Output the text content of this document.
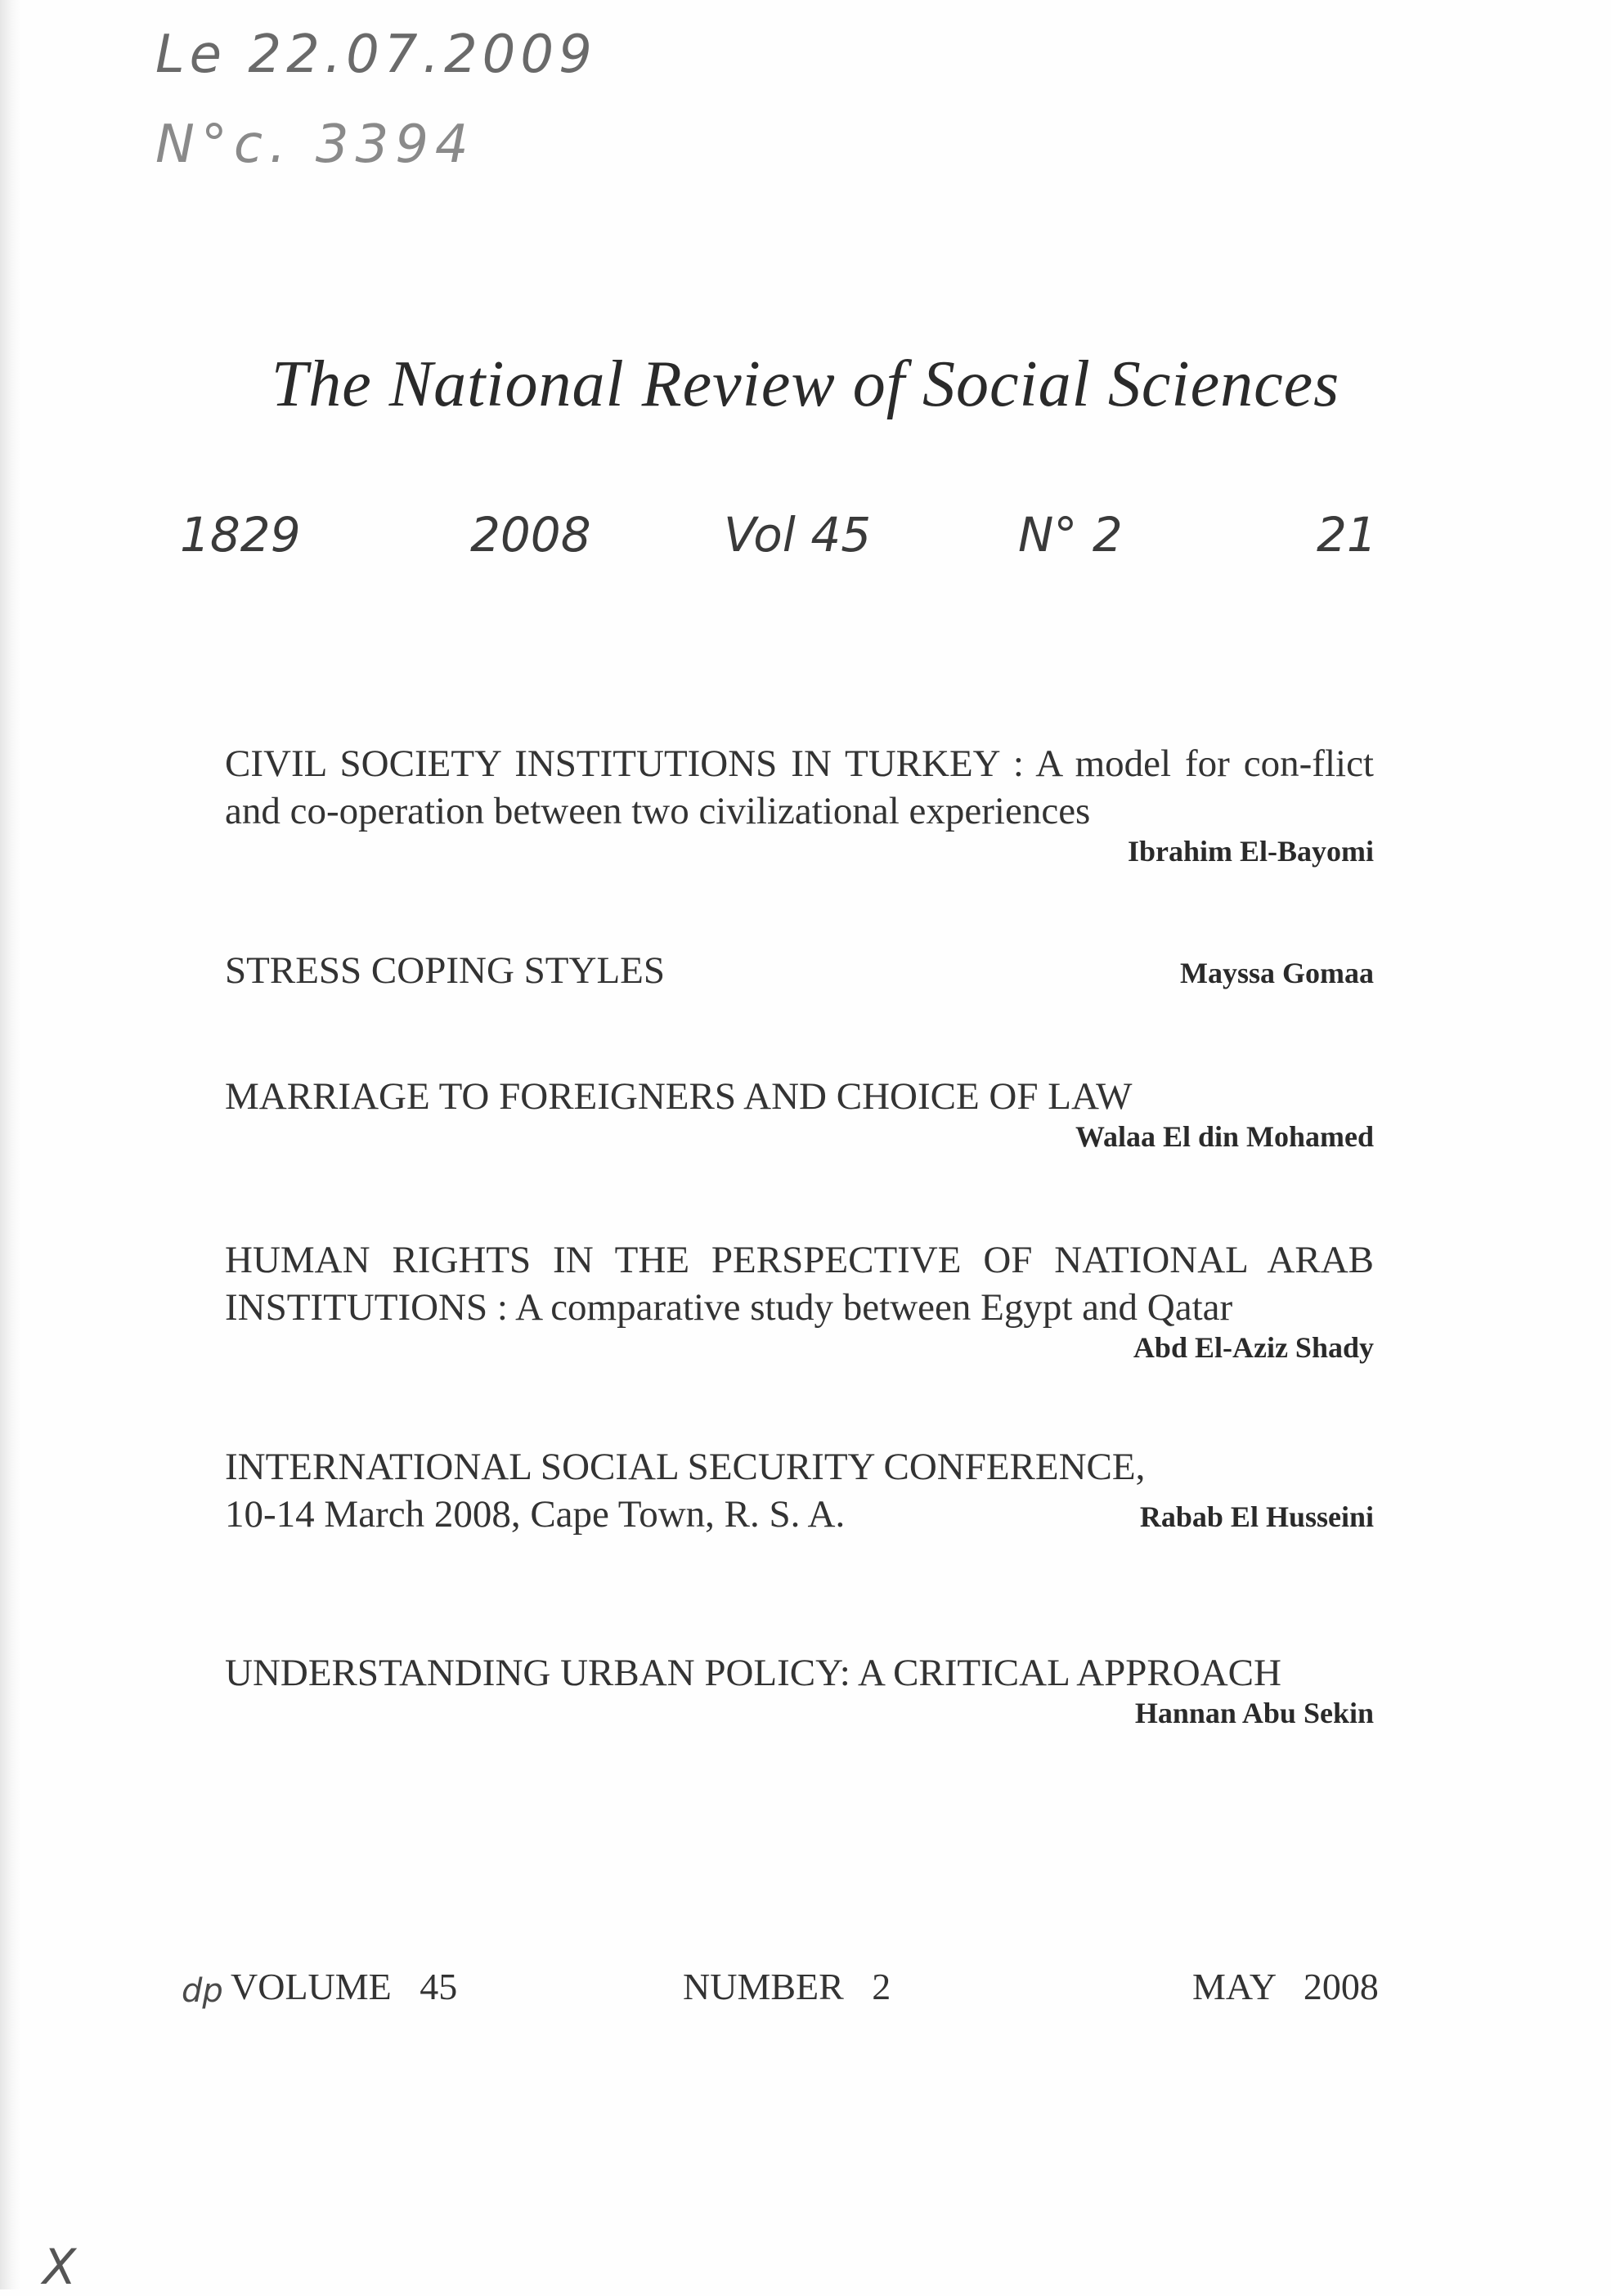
Le 22.07.2009
N°c. 3394
1829	2008	Vol 45	N° 2	21
The National Review of Social Sciences
CIVIL SOCIETY INSTITUTIONS IN TURKEY : A model for con-flict and co-operation between two civilizational experiences
Ibrahim El-Bayomi
STRESS COPING STYLES	Mayssa Gomaa
MARRIAGE TO FOREIGNERS AND CHOICE OF LAW
Walaa El din Mohamed
HUMAN RIGHTS IN THE PERSPECTIVE OF NATIONAL ARAB INSTITUTIONS : A comparative study between Egypt and Qatar
Abd El-Aziz Shady
INTERNATIONAL SOCIAL SECURITY CONFERENCE,
10-14 March 2008, Cape Town, R. S. A.	Rabab El Husseini
UNDERSTANDING URBAN POLICY: A CRITICAL APPROACH
Hannan Abu Sekin
dp VOLUME   45	NUMBER   2	MAY   2008
X
